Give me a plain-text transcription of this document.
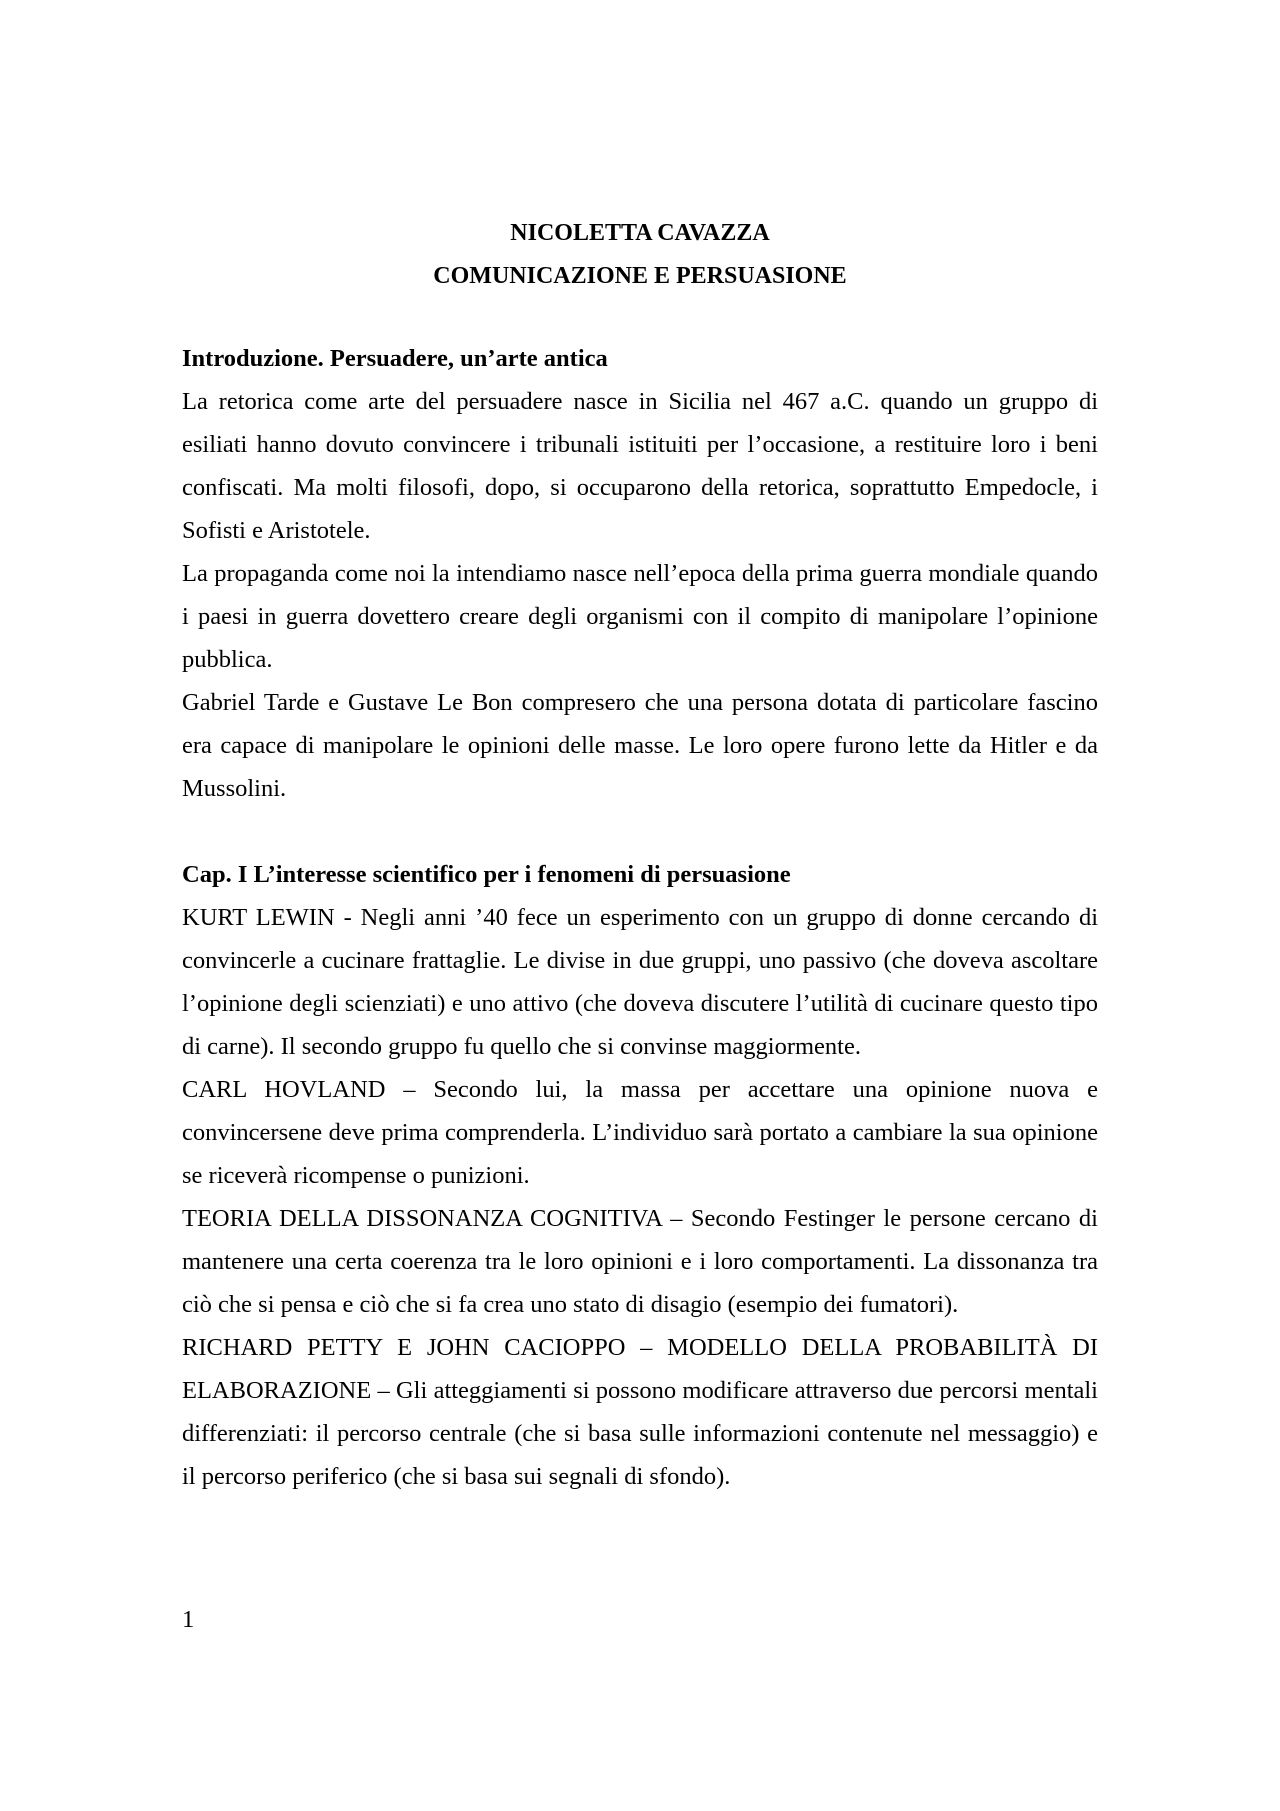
NICOLETTA CAVAZZA
COMUNICAZIONE E PERSUASIONE

Introduzione. Persuadere, un’arte antica

La retorica come arte del persuadere nasce in Sicilia nel 467 a.C. quando un gruppo di esiliati hanno dovuto convincere i tribunali istituiti per l’occasione, a restituire loro i beni confiscati. Ma molti filosofi, dopo, si occuparono della retorica, soprattutto Empedocle, i Sofisti e Aristotele.

La propaganda come noi la intendiamo nasce nell’epoca della prima guerra mondiale quando i paesi in guerra dovettero creare degli organismi con il compito di manipolare l’opinione pubblica.

Gabriel Tarde e Gustave Le Bon compresero che una persona dotata di particolare fascino era capace di manipolare le opinioni delle masse. Le loro opere furono lette da Hitler e da Mussolini.

Cap. I L’interesse scientifico per i fenomeni di persuasione

KURT LEWIN - Negli anni ’40 fece un esperimento con un gruppo di donne cercando di convincerle a cucinare frattaglie. Le divise in due gruppi, uno passivo (che doveva ascoltare l’opinione degli scienziati) e uno attivo (che doveva discutere l’utilità di cucinare questo tipo di carne). Il secondo gruppo fu quello che si convinse maggiormente.

CARL HOVLAND – Secondo lui, la massa per accettare una opinione nuova e convincersene deve prima comprenderla. L’individuo sarà portato a cambiare la sua opinione se riceverà ricompense o punizioni.

TEORIA DELLA DISSONANZA COGNITIVA – Secondo Festinger le persone cercano di mantenere una certa coerenza tra le loro opinioni e i loro comportamenti. La dissonanza tra ciò che si pensa e ciò che si fa crea uno stato di disagio (esempio dei fumatori).

RICHARD PETTY E JOHN CACIOPPO – MODELLO DELLA PROBABILITÀ DI ELABORAZIONE – Gli atteggiamenti si possono modificare attraverso due percorsi mentali differenziati: il percorso centrale (che si basa sulle informazioni contenute nel messaggio) e il percorso periferico (che si basa sui segnali di sfondo).

1
